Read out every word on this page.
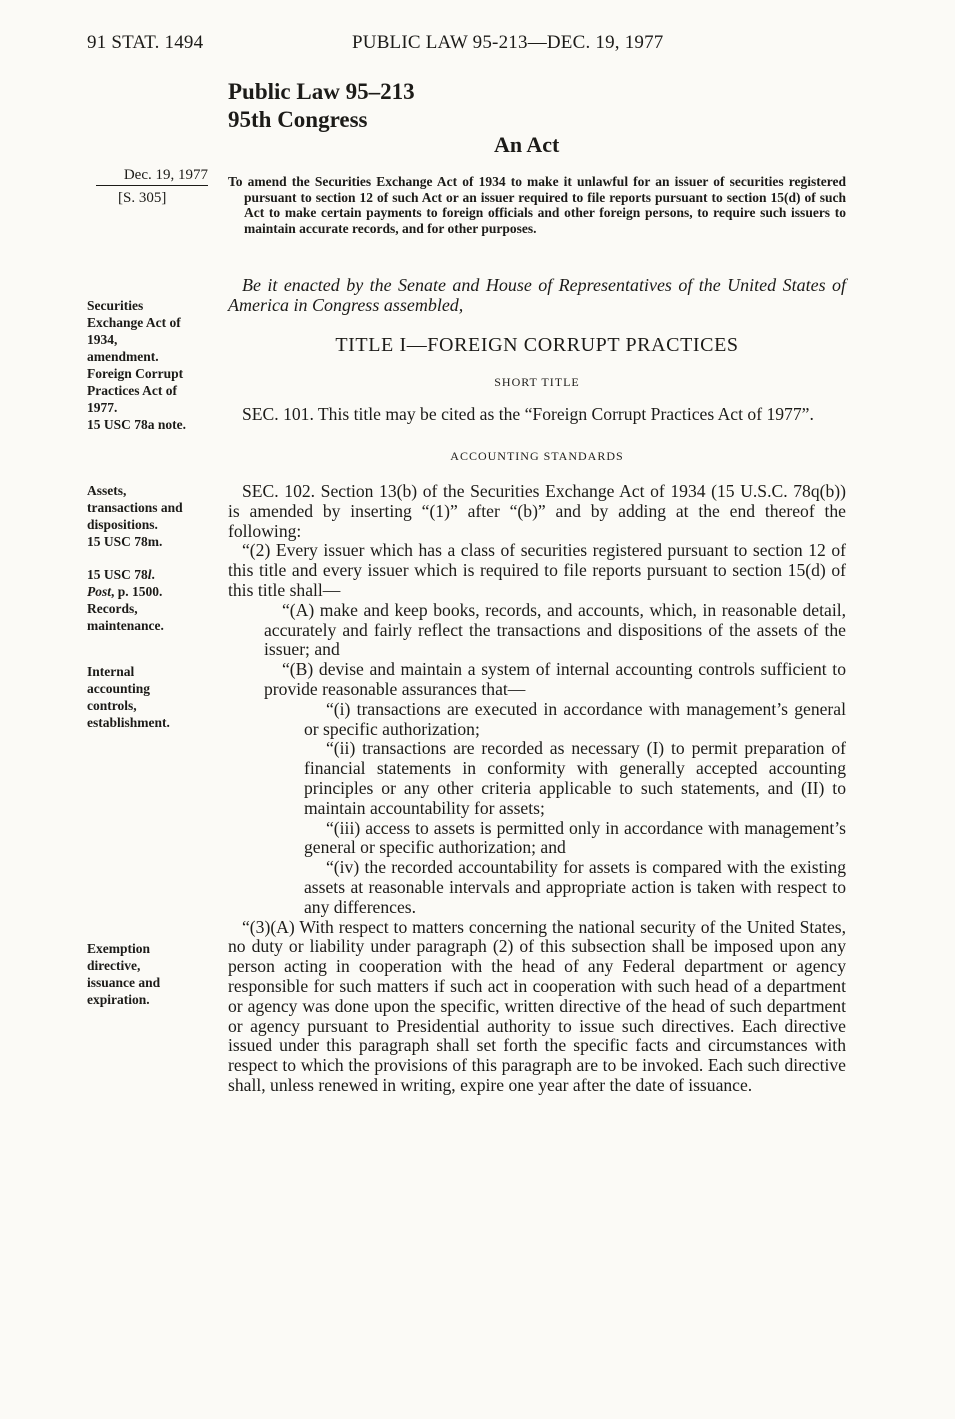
91 STAT. 1494	PUBLIC LAW 95-213—DEC. 19, 1977
Public Law 95–213
95th Congress
An Act
Dec. 19, 1977
[S. 305]

To amend the Securities Exchange Act of 1934 to make it unlawful for an issuer of securities registered pursuant to section 12 of such Act or an issuer required to file reports pursuant to section 15(d) of such Act to make certain payments to foreign officials and other foreign persons, to require such issuers to maintain accurate records, and for other purposes.

Securities
Exchange Act of
1934,
amendment.
Foreign Corrupt
Practices Act of
1977.
15 USC 78a note.
Assets,
transactions and
dispositions.
15 USC 78m.
15 USC 78l.
Post, p. 1500.
Records,
maintenance.
Internal
accounting
controls,
establishment.
Exemption
directive,
issuance and
expiration.

Be it enacted by the Senate and House of Representatives of the United States of America in Congress assembled,

TITLE I—FOREIGN CORRUPT PRACTICES
SHORT TITLE

SEC. 101. This title may be cited as the “Foreign Corrupt Practices Act of 1977”.

ACCOUNTING STANDARDS

SEC. 102. Section 13(b) of the Securities Exchange Act of 1934 (15 U.S.C. 78q(b)) is amended by inserting “(1)” after “(b)” and by adding at the end thereof the following:

“(2) Every issuer which has a class of securities registered pursuant to section 12 of this title and every issuer which is required to file reports pursuant to section 15(d) of this title shall—

“(A) make and keep books, records, and accounts, which, in reasonable detail, accurately and fairly reflect the transactions and dispositions of the assets of the issuer; and

“(B) devise and maintain a system of internal accounting controls sufficient to provide reasonable assurances that—

“(i) transactions are executed in accordance with management’s general or specific authorization;

“(ii) transactions are recorded as necessary (I) to permit preparation of financial statements in conformity with generally accepted accounting principles or any other criteria applicable to such statements, and (II) to maintain accountability for assets;

“(iii) access to assets is permitted only in accordance with management’s general or specific authorization; and

“(iv) the recorded accountability for assets is compared with the existing assets at reasonable intervals and appropriate action is taken with respect to any differences.

“(3)(A) With respect to matters concerning the national security of the United States, no duty or liability under paragraph (2) of this subsection shall be imposed upon any person acting in cooperation with the head of any Federal department or agency responsible for such matters if such act in cooperation with such head of a department or agency was done upon the specific, written directive of the head of such department or agency pursuant to Presidential authority to issue such directives. Each directive issued under this paragraph shall set forth the specific facts and circumstances with respect to which the provisions of this paragraph are to be invoked. Each such directive shall, unless renewed in writing, expire one year after the date of issuance.
